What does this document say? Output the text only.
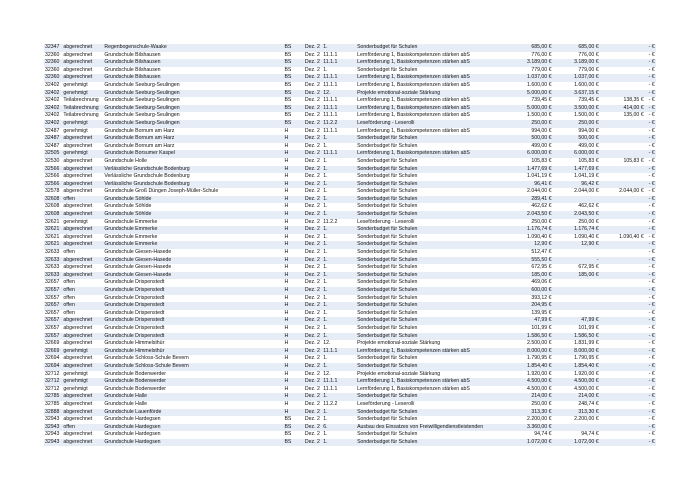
32347	abgerechnet	Regenbogenschule-Waake	BS	Dez. 2	1.	Sonderbudget für Schulen	685,00 €	685,00 €		- €
32360	abgerechnet	Grundschule Bilshausen	BS	Dez. 2	11.1.1	Lernförderung 1, Basiskompetenzen stärken abS	776,00 €	776,00 €		- €
32360	abgerechnet	Grundschule Bilshausen	BS	Dez. 2	11.1.1	Lernförderung 1, Basiskompetenzen stärken abS	3.189,00 €	3.189,00 €		- €
32360	abgerechnet	Grundschule Bilshausen	BS	Dez. 2	1.	Sonderbudget für Schulen	779,00 €	779,00 €		- €
32360	abgerechnet	Grundschule Bilshausen	BS	Dez. 2	11.1.1	Lernförderung 1, Basiskompetenzen stärken abS	1.037,00 €	1.037,00 €		- €
32402	genehmigt	Grundschule Seeburg-Seulingen	BS	Dez. 2	11.1.1	Lernförderung 1, Basiskompetenzen stärken abS	1.600,00 €	1.600,00 €		- €
32402	genehmigt	Grundschule Seeburg-Seulingen	BS	Dez. 2	12.	Projekte emotional-soziale Stärkung	5.000,00 €	3.637,15 €		- €
32402	Teilabrechnung	Grundschule Seeburg-Seulingen	BS	Dez. 2	11.1.1	Lernförderung 1, Basiskompetenzen stärken abS	739,45 €	739,45 €	138,35 €	- €
32402	Teilabrechnung	Grundschule Seeburg-Seulingen	BS	Dez. 2	11.1.1	Lernförderung 1, Basiskompetenzen stärken abS	5.000,00 €	3.500,00 €	414,00 €	- €
32402	Teilabrechnung	Grundschule Seeburg-Seulingen	BS	Dez. 2	11.1.1	Lernförderung 1, Basiskompetenzen stärken abS	1.500,00 €	1.500,00 €	135,00 €	- €
32402	genehmigt	Grundschule Seeburg-Seulingen	BS	Dez. 2	11.2.2	Leseförderung - Leserolli	250,00 €	250,00 €		- €
32487	genehmigt	Grundschule Bornum am Harz	H	Dez. 2	11.1.1	Lernförderung 1, Basiskompetenzen stärken abS	994,00 €	994,00 €		- €
32487	abgerechnet	Grundschule Bornum am Harz	H	Dez. 2	1.	Sonderbudget für Schulen	500,00 €	500,00 €		- €
32487	abgerechnet	Grundschule Bornum am Harz	H	Dez. 2	1.	Sonderbudget für Schulen	499,00 €	499,00 €		- €
32505	genehmigt	Grundschule Borsumer Kaspel	H	Dez. 2	11.1.1	Lernförderung 1, Basiskompetenzen stärken abS	6.000,00 €	6.000,00 €		- €
32530	abgerechnet	Grundschule Holle	H	Dez. 2	1.	Sonderbudget für Schulen	105,83 €	105,83 €	105,83 €	- €
32566	abgerechnet	Verlässliche Grundschule Bodenburg	H	Dez. 2	1.	Sonderbudget für Schulen	1.477,69 €	1.477,69 €		- €
32566	abgerechnet	Verlässliche Grundschule Bodenburg	H	Dez. 2	1.	Sonderbudget für Schulen	1.041,19 €	1.041,19 €		- €
32566	abgerechnet	Verlässliche Grundschule Bodenburg	H	Dez. 2	1.	Sonderbudget für Schulen	96,41 €	96,42 €		- €
32578	abgerechnet	Grundschule Groß Düngen Joseph-Müller-Schule	H	Dez. 2	1.	Sonderbudget für Schulen	2.044,00 €	2.044,00 €	2.044,00 €	- €
32608	offen	Grundschule Söhlde	H	Dez. 2	1.	Sonderbudget für Schulen	289,41 €			- €
32608	abgerechnet	Grundschule Söhlde	H	Dez. 2	1.	Sonderbudget für Schulen	462,62 €	462,62 €		- €
32608	abgerechnet	Grundschule Söhlde	H	Dez. 2	1.	Sonderbudget für Schulen	2.043,50 €	2.043,50 €		- €
32621	genehmigt	Grundschule Emmerke	H	Dez. 2	11.2.2	Leseförderung - Leserolli	250,00 €	250,00 €		- €
32621	abgerechnet	Grundschule Emmerke	H	Dez. 2	1.	Sonderbudget für Schulen	1.176,74 €	1.176,74 €		- €
32621	abgerechnet	Grundschule Emmerke	H	Dez. 2	1.	Sonderbudget für Schulen	1.090,40 €	1.090,40 €	1.090,40 €	- €
32621	abgerechnet	Grundschule Emmerke	H	Dez. 2	1.	Sonderbudget für Schulen	12,90 €	12,90 €		- €
32633	offen	Grundschule Giesen-Hasede	H	Dez. 2	1.	Sonderbudget für Schulen	512,47 €			- €
32633	abgerechnet	Grundschule Giesen-Hasede	H	Dez. 2	1.	Sonderbudget für Schulen	555,50 €	-		- €
32633	abgerechnet	Grundschule Giesen-Hasede	H	Dez. 2	1.	Sonderbudget für Schulen	672,95 €	672,95 €		- €
32633	abgerechnet	Grundschule Giesen-Hasede	H	Dez. 2	1.	Sonderbudget für Schulen	185,00 €	185,00 €		- €
32657	offen	Grundschule Drispenstedt	H	Dez. 2	1.	Sonderbudget für Schulen	469,06 €			- €
32657	offen	Grundschule Drispenstedt	H	Dez. 2	1.	Sonderbudget für Schulen	600,00 €			- €
32657	offen	Grundschule Drispenstedt	H	Dez. 2	1.	Sonderbudget für Schulen	393,12 €			- €
32657	offen	Grundschule Drispenstedt	H	Dez. 2	1.	Sonderbudget für Schulen	204,95 €			- €
32657	offen	Grundschule Drispenstedt	H	Dez. 2	1.	Sonderbudget für Schulen	139,95 €			- €
32657	abgerechnet	Grundschule Drispenstedt	H	Dez. 2	1.	Sonderbudget für Schulen	47,99 €	47,99 €		- €
32657	abgerechnet	Grundschule Drispenstedt	H	Dez. 2	1.	Sonderbudget für Schulen	101,99 €	101,99 €		- €
32657	abgerechnet	Grundschule Drispenstedt	H	Dez. 2	1.	Sonderbudget für Schulen	1.586,50 €	1.586,50 €		- €
32669	abgerechnet	Grundschule Himmelsthür	H	Dez. 2	12.	Projekte emotional-soziale Stärkung	2.500,00 €	1.831,99 €		- €
32669	genehmigt	Grundschule Himmelsthür	H	Dez. 2	11.1.1	Lernförderung 1, Basiskompetenzen stärken abS	8.000,00 €	8.000,00 €		- €
32694	abgerechnet	Grundschule Schloss-Schule Bevern	H	Dez. 2	1.	Sonderbudget für Schulen	1.790,95 €	1.790,95 €		- €
32694	abgerechnet	Grundschule Schloss-Schule Bevern	H	Dez. 2	1.	Sonderbudget für Schulen	1.854,40 €	1.854,40 €		- €
32712	genehmigt	Grundschule Bodenwerder	H	Dez. 2	12.	Projekte emotional-soziale Stärkung	1.920,00 €	1.920,00 €		- €
32712	genehmigt	Grundschule Bodenwerder	H	Dez. 2	11.1.1	Lernförderung 1, Basiskompetenzen stärken abS	4.500,00 €	4.500,00 €		- €
32712	genehmigt	Grundschule Bodenwerder	H	Dez. 2	11.1.1	Lernförderung 1, Basiskompetenzen stärken abS	4.500,00 €	4.500,00 €		- €
32785	abgerechnet	Grundschule Halle	H	Dez. 2	1.	Sonderbudget für Schulen	214,00 €	214,00 €		- €
32785	abgerechnet	Grundschule Halle	H	Dez. 2	11.2.2	Leseförderung - Leserolli	250,00 €	248,74 €		- €
32888	abgerechnet	Grundschule Lauenförde	H	Dez. 2	1.	Sonderbudget für Schulen	313,30 €	313,30 €		- €
32943	abgerechnet	Grundschule Hardegsen	BS	Dez. 2	1.	Sonderbudget für Schulen	2.200,00 €	2.200,00 €		- €
32943	offen	Grundschule Hardegsen	BS	Dez. 2	6.	Ausbau des Einsatzes von Freiwilligendienstleistenden	3.360,00 €			- €
32943	abgerechnet	Grundschule Hardegsen	BS	Dez. 2	1.	Sonderbudget für Schulen	94,74 €	94,74 €		- €
32943	abgerechnet	Grundschule Hardegsen	BS	Dez. 2	1.	Sonderbudget für Schulen	1.072,00 €	1.072,00 €		- €
